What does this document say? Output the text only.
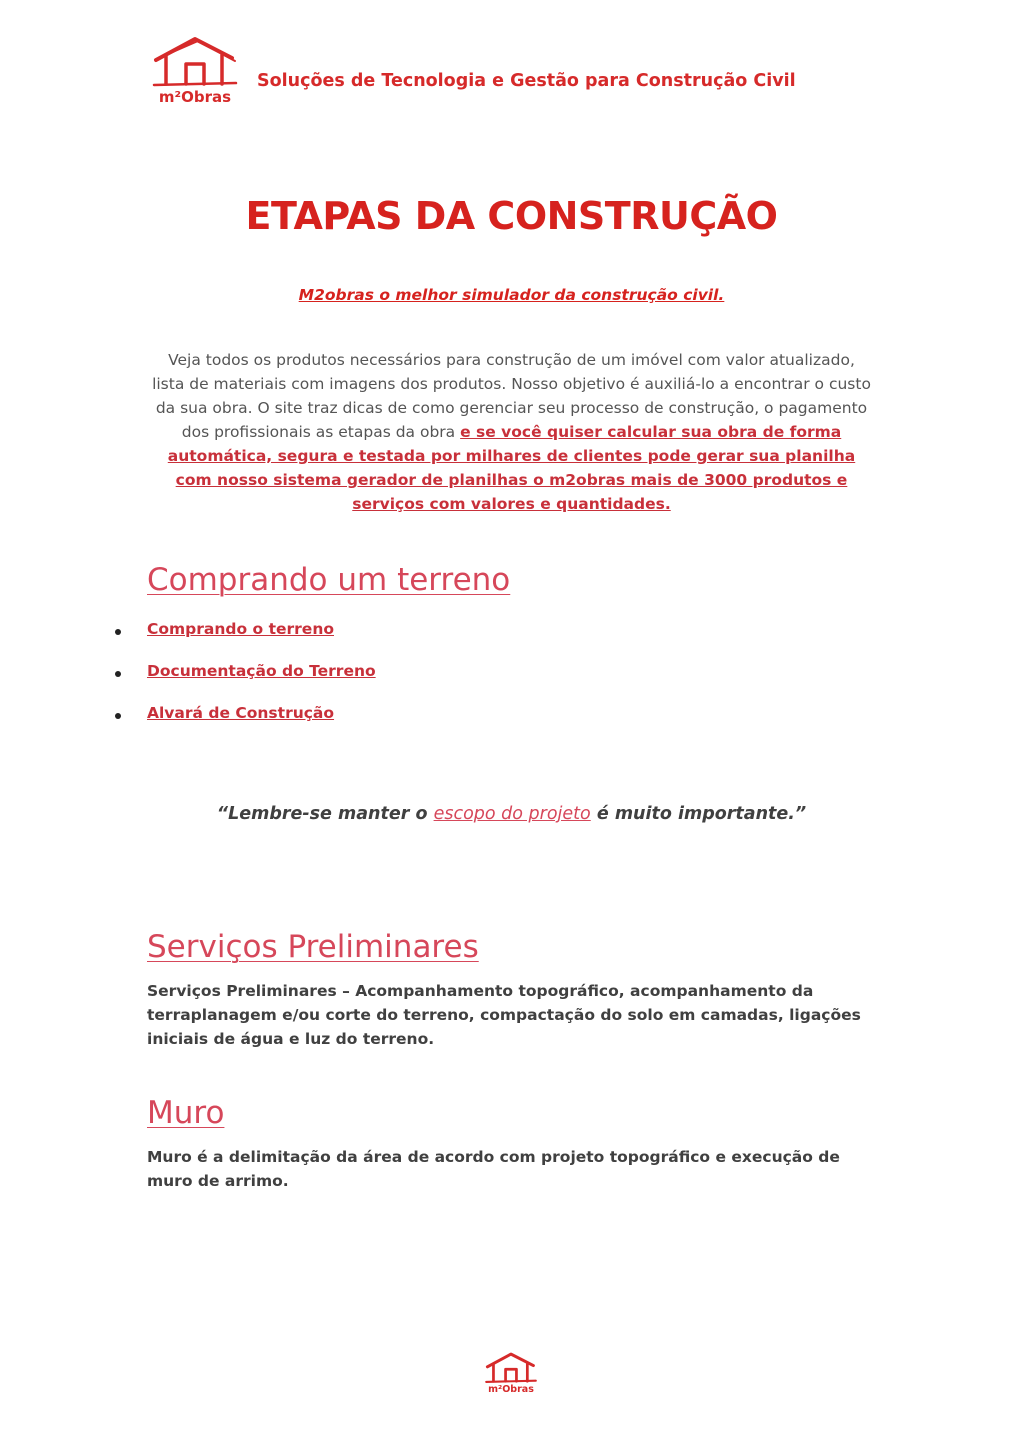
m²Obras
Soluções de Tecnologia e Gestão para Construção Civil
ETAPAS DA CONSTRUÇÃO
M2obras o melhor simulador da construção civil.
Veja todos os produtos necessários para construção de um imóvel com valor atualizado, lista de materiais com imagens dos produtos. Nosso objetivo é auxiliá-lo a encontrar o custo da sua obra. O site traz dicas de como gerenciar seu processo de construção, o pagamento dos profissionais as etapas da obra e se você quiser calcular sua obra de forma automática, segura e testada por milhares de clientes pode gerar sua planilha com nosso sistema gerador de planilhas o m2obras mais de 3000 produtos e serviços com valores e quantidades.
Comprando um terreno
Comprando o terreno
Documentação do Terreno
Alvará de Construção
“Lembre-se manter o escopo do projeto é muito importante.”
Serviços Preliminares
Serviços Preliminares – Acompanhamento topográfico, acompanhamento da terraplanagem e/ou corte do terreno, compactação do solo em camadas, ligações iniciais de água e luz do terreno.
Muro
Muro é a delimitação da área de acordo com projeto topográfico e execução de muro de arrimo.
m²Obras
